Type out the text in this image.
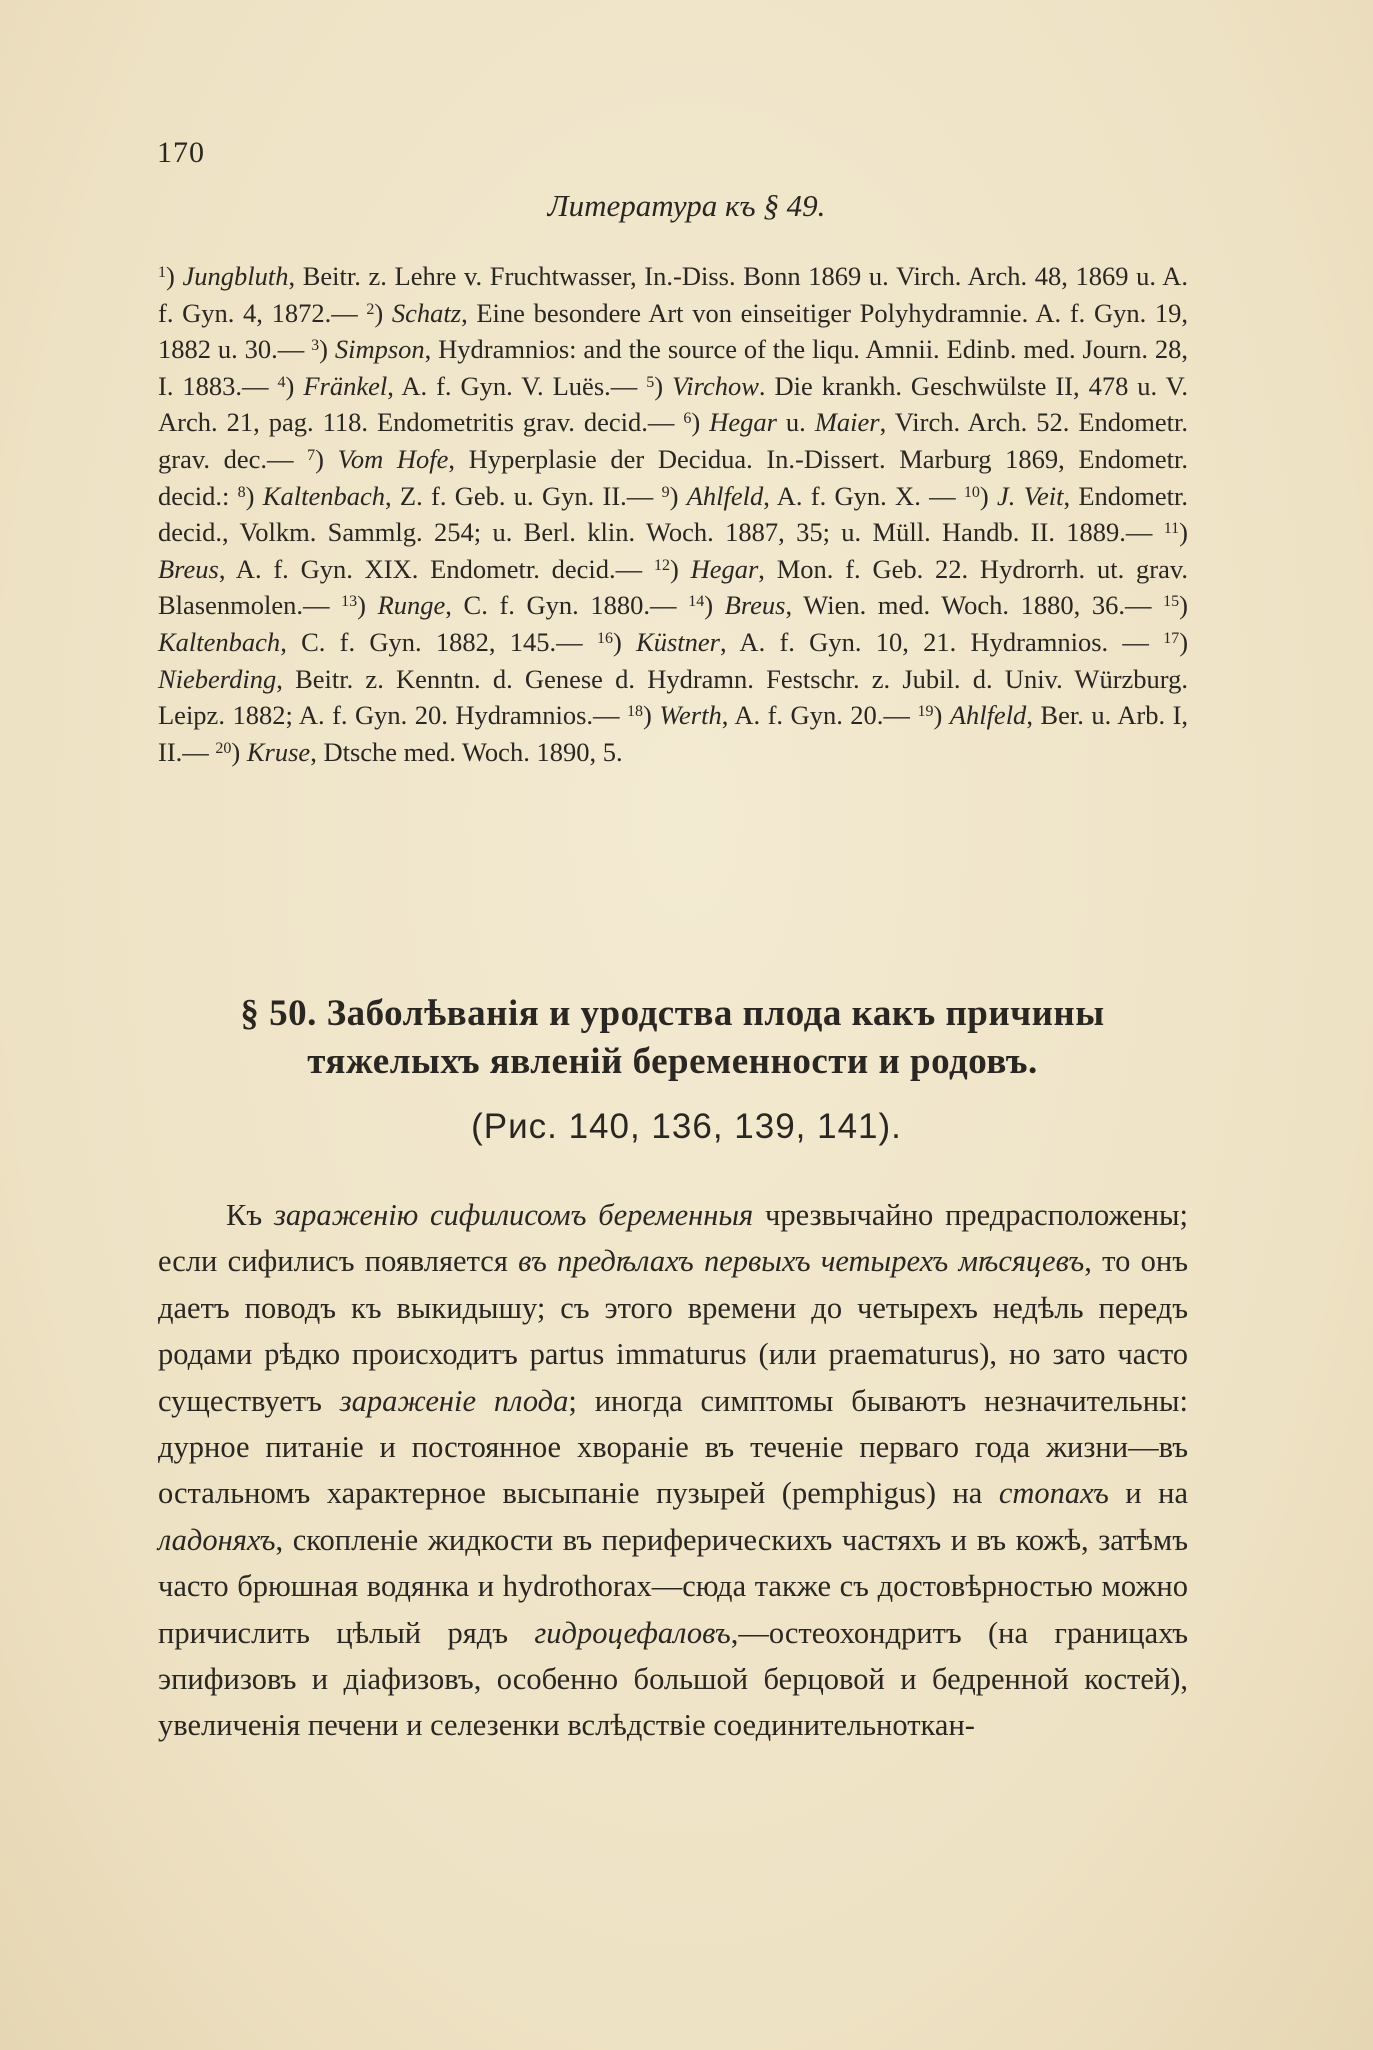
170
Литература къ § 49.
$^1$) Jungbluth, Beitr. z. Lehre v. Fruchtwasser, In.-Diss. Bonn 1869 u. Virch. Arch. 48, 1869 u. A. f. Gyn. 4, 1872.— $^2$) Schatz, Eine besondere Art von einseitiger Polyhydramnie. A. f. Gyn. 19, 1882 u. 30.— $^3$) Simpson, Hydramnios: and the source of the liqu. Amnii. Edinb. med. Journ. 28, I. 1883.— $^4$) Fränkel, A. f. Gyn. V. Luës.— $^5$) Virchow. Die krankh. Geschwülste II, 478 u. V. Arch. 21, pag. 118. Endometritis grav. decid.— $^6$) Hegar u. Maier, Virch. Arch. 52. Endometr. grav. dec.— $^7$) Vom Hofe, Hyperplasie der Decidua. In.-Dissert. Marburg 1869, Endometr. decid.: $^8$) Kaltenbach, Z. f. Geb. u. Gyn. II.— $^9$) Ahlfeld, A. f. Gyn. X. — $^{10}$) J. Veit, Endometr. decid., Volkm. Sammlg. 254; u. Berl. klin. Woch. 1887, 35; u. Müll. Handb. II. 1889.— $^{11}$) Breus, A. f. Gyn. XIX. Endometr. decid.— $^{12}$) Hegar, Mon. f. Geb. 22. Hydrorrh. ut. grav. Blasenmolen.— $^{13}$) Runge, C. f. Gyn. 1880.— $^{14}$) Breus, Wien. med. Woch. 1880, 36.— $^{15}$) Kaltenbach, C. f. Gyn. 1882, 145.— $^{16}$) Küstner, A. f. Gyn. 10, 21. Hydramnios. — $^{17}$) Nieberding, Beitr. z. Kenntn. d. Genese d. Hydramn. Festschr. z. Jubil. d. Univ. Würzburg. Leipz. 1882; A. f. Gyn. 20. Hydramnios.— $^{18}$) Werth, A. f. Gyn. 20.— $^{19}$) Ahlfeld, Ber. u. Arb. I, II.— $^{20}$) Kruse, Dtsche med. Woch. 1890, 5.
§ 50. Заболѣванія и уродства плода какъ причины
тяжелыхъ явленій беременности и родовъ.
(Рис. 140, 136, 139, 141).
Къ зараженію сифилисомъ беременныя чрезвычайно предрасположены; если сифилисъ появляется въ предѣлахъ первыхъ четырехъ мѣсяцевъ, то онъ даетъ поводъ къ выкидышу; съ этого времени до четырехъ недѣль передъ родами рѣдко происходитъ partus immaturus (или praematurus), но зато часто существуетъ зараженіе плода; иногда симптомы бываютъ незначительны: дурное питаніе и постоянное хвораніе въ теченіе перваго года жизни—въ остальномъ характерное высыпаніе пузырей (pemphigus) на стопахъ и на ладоняхъ, скопленіе жидкости въ периферическихъ частяхъ и въ кожѣ, затѣмъ часто брюшная водянка и hydrothorax—сюда также съ достовѣрностью можно причислить цѣлый рядъ гидроцефаловъ,—остеохондритъ (на границахъ эпифизовъ и діафизовъ, особенно большой берцовой и бедренной костей), увеличенія печени и селезенки вслѣдствіе соединительноткан-
